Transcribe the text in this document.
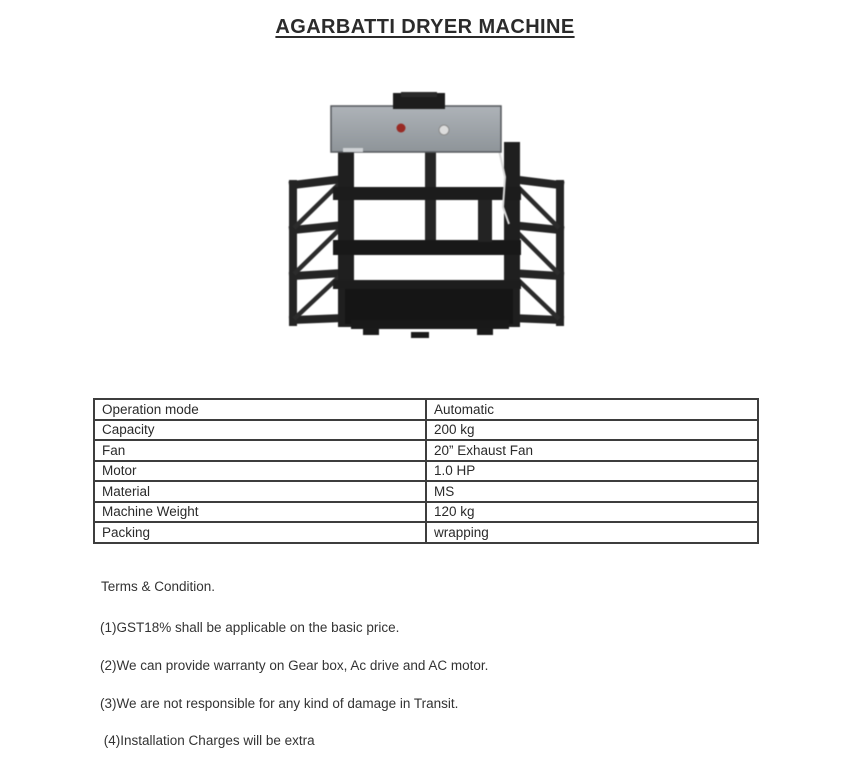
AGARBATTI DRYER MACHINE
Operation mode	Automatic
Capacity	200 kg
Fan	20” Exhaust Fan
Motor	1.0 HP
Material	MS
Machine Weight	120 kg
Packing	wrapping

Terms & Condition.

(1)GST18% shall be applicable on the basic price.

(2)We can provide warranty on Gear box, Ac drive and AC motor.

(3)We are not responsible for any kind of damage in Transit.

(4)Installation Charges will be extra
